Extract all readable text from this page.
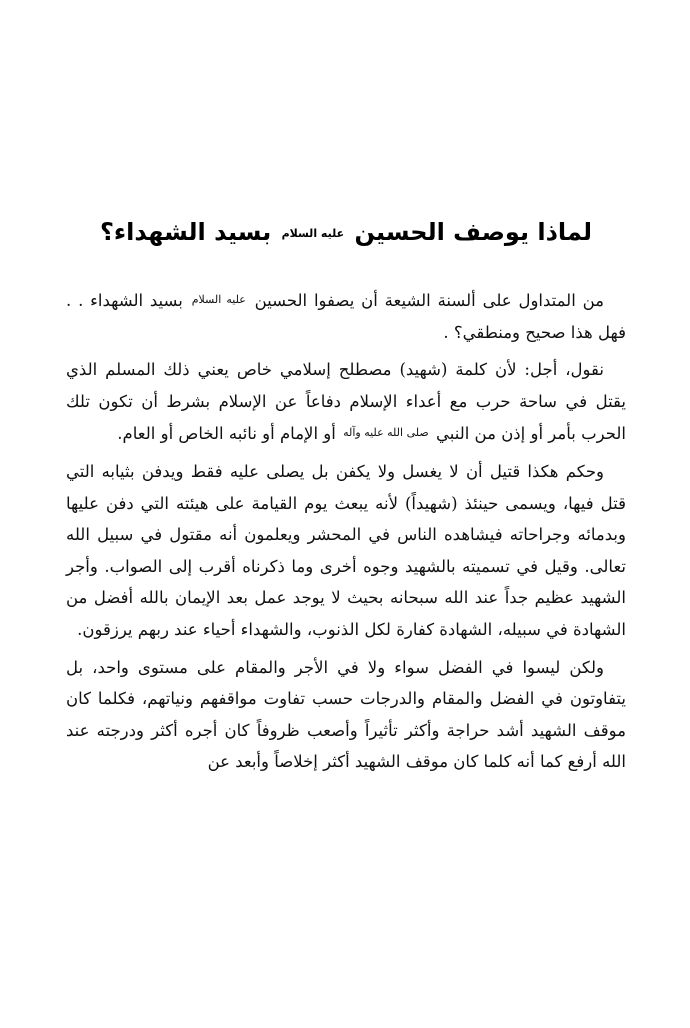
لماذا يوصف الحسين عليه السلام بسيد الشهداء؟

من المتداول على ألسنة الشيعة أن يصفوا الحسين عليه السلام بسيد الشهداء . . فهل هذا صحيح ومنطقي؟ .

نقول، أجل: لأن كلمة (شهيد) مصطلح إسلامي خاص يعني ذلك المسلم الذي يقتل في ساحة حرب مع أعداء الإسلام دفاعاً عن الإسلام بشرط أن تكون تلك الحرب بأمر أو إذن من النبي صلى الله عليه وآله أو الإمام أو نائبه الخاص أو العام.

وحكم هكذا قتيل أن لا يغسل ولا يكفن بل يصلى عليه فقط ويدفن بثيابه التي قتل فيها، ويسمى حينئذ (شهيداً) لأنه يبعث يوم القيامة على هيئته التي دفن عليها وبدمائه وجراحاته فيشاهده الناس في المحشر ويعلمون أنه مقتول في سبيل الله تعالى. وقيل في تسميته بالشهيد وجوه أخرى وما ذكرناه أقرب إلى الصواب. وأجر الشهيد عظيم جداً عند الله سبحانه بحيث لا يوجد عمل بعد الإيمان بالله أفضل من الشهادة في سبيله، الشهادة كفارة لكل الذنوب، والشهداء أحياء عند ربهم يرزقون.

ولكن ليسوا في الفضل سواء ولا في الأجر والمقام على مستوى واحد، بل يتفاوتون في الفضل والمقام والدرجات حسب تفاوت مواقفهم ونياتهم، فكلما كان موقف الشهيد أشد حراجة وأكثر تأثيراً وأصعب ظروفاً كان أجره أكثر ودرجته عند الله أرفع كما أنه كلما كان موقف الشهيد أكثر إخلاصاً وأبعد عن
